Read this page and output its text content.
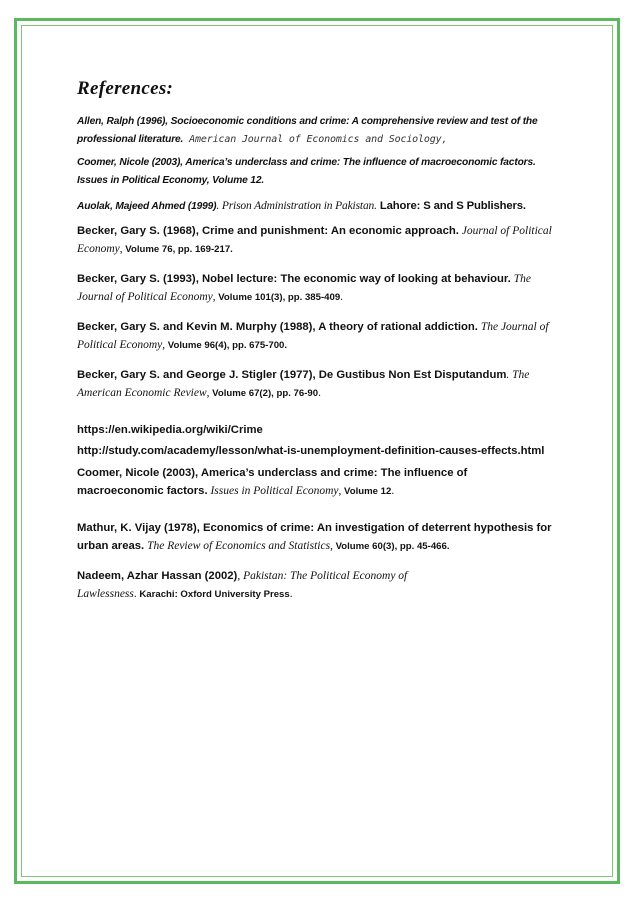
References:

Allen, Ralph (1996), Socioeconomic conditions and crime: A comprehensive review and test of the professional literature. American Journal of Economics and Sociology,

Coomer, Nicole (2003), America’s underclass and crime: The influence of macroeconomic factors. Issues in Political Economy, Volume 12.

Auolak, Majeed Ahmed (1999). Prison Administration in Pakistan. Lahore: S and S Publishers.

Becker, Gary S. (1968), Crime and punishment: An economic approach. Journal of Political Economy, Volume 76, pp. 169-217.

Becker, Gary S. (1993), Nobel lecture: The economic way of looking at behaviour. The Journal of Political Economy, Volume 101(3), pp. 385-409.

Becker, Gary S. and Kevin M. Murphy (1988), A theory of rational addiction. The Journal of Political Economy, Volume 96(4), pp. 675-700.

Becker, Gary S. and George J. Stigler (1977), De Gustibus Non Est Disputandum. The American Economic Review, Volume 67(2), pp. 76-90.

https://en.wikipedia.org/wiki/Crime

http://study.com/academy/lesson/what-is-unemployment-definition-causes-effects.html

Coomer, Nicole (2003), America’s underclass and crime: The influence of macroeconomic factors. Issues in Political Economy, Volume 12.

Mathur, K. Vijay (1978), Economics of crime: An investigation of deterrent hypothesis for urban areas. The Review of Economics and Statistics, Volume 60(3), pp. 45-466.

Nadeem, Azhar Hassan (2002), Pakistan: The Political Economy of Lawlessness. Karachi: Oxford University Press.
